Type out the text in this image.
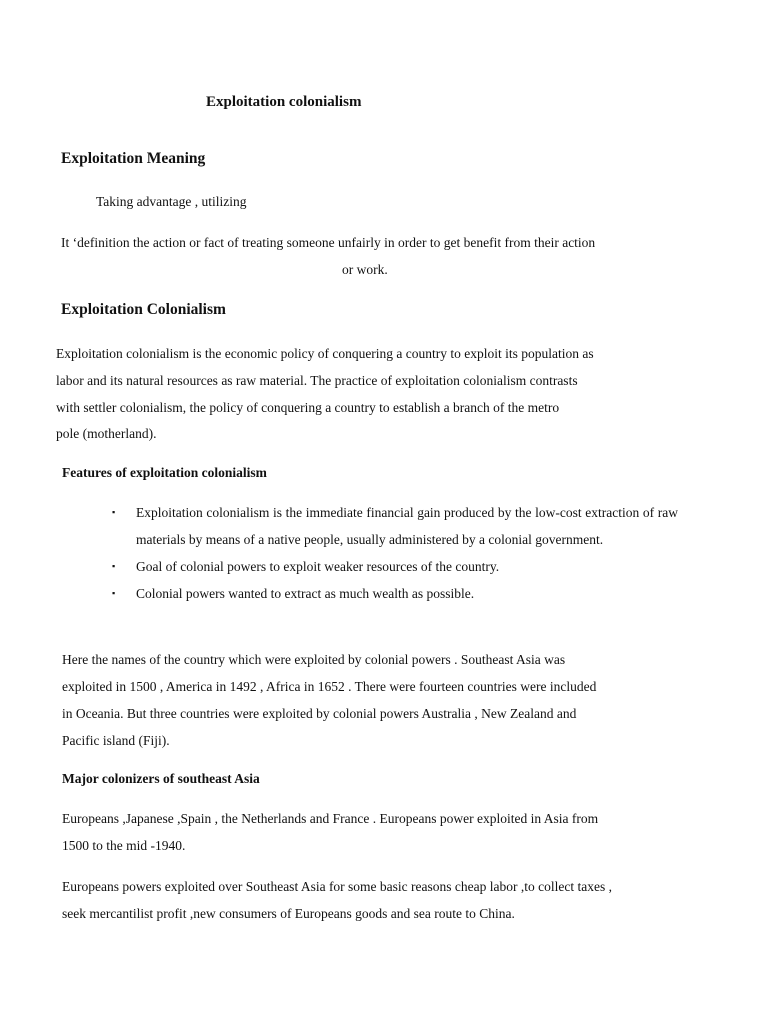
Exploitation colonialism
Exploitation Meaning

Taking advantage , utilizing

It ‘definition the action or fact of treating someone unfairly in order to get benefit from their action

or work.

Exploitation Colonialism

Exploitation colonialism is the economic policy of conquering a country to exploit its population as

labor and its natural resources as raw material. The practice of exploitation colonialism contrasts

with settler colonialism, the policy of conquering a country to establish a branch of the metro

pole (motherland).

Features of exploitation colonialism
▪ Exploitation colonialism is the immediate financial gain produced by the low-cost extraction of raw materials by means of a native people, usually administered by a colonial government.
▪ Goal of colonial powers to exploit weaker resources of the country.
▪ Colonial powers wanted to extract as much wealth as possible.

Here the names of the country which were exploited by colonial powers . Southeast Asia was

exploited in 1500 , America in 1492 , Africa in 1652 . There were fourteen countries were included

in Oceania. But three countries were exploited by colonial powers Australia , New Zealand and

Pacific island (Fiji).

Major colonizers of southeast Asia

Europeans ,Japanese ,Spain , the Netherlands and France . Europeans power exploited in Asia from

1500 to the mid -1940.

Europeans powers exploited over Southeast Asia for some basic reasons cheap labor ,to collect taxes ,

seek mercantilist profit ,new consumers of Europeans goods and sea route to China.
